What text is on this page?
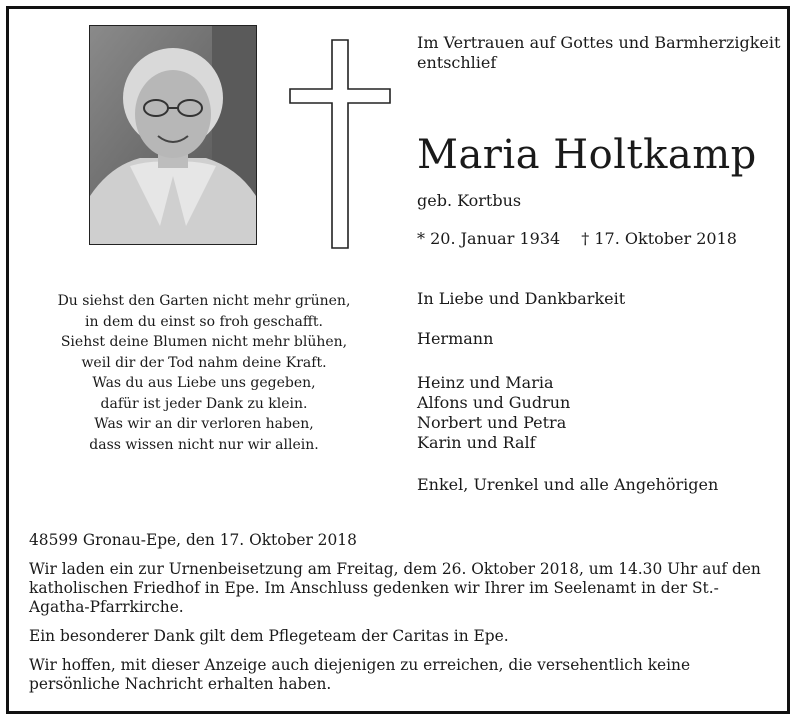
Im Vertrauen auf Gottes und Barmherzigkeit
entschlief
Maria Holtkamp
geb. Kortbus
* 20. Januar 1934 † 17. Oktober 2018
Du siehst den Garten nicht mehr grünen,
in dem du einst so froh geschafft.
Siehst deine Blumen nicht mehr blühen,
weil dir der Tod nahm deine Kraft.
Was du aus Liebe uns gegeben,
dafür ist jeder Dank zu klein.
Was wir an dir verloren haben,
dass wissen nicht nur wir allein.
In Liebe und Dankbarkeit
Hermann
Heinz und Maria
Alfons und Gudrun
Norbert und Petra
Karin und Ralf
Enkel, Urenkel und alle Angehörigen

48599 Gronau-Epe, den 17. Oktober 2018

Wir laden ein zur Urnenbeisetzung am Freitag, dem 26. Oktober 2018, um 14.30 Uhr auf den katholischen Friedhof in Epe. Im Anschluss gedenken wir Ihrer im Seelenamt in der St.-Agatha-Pfarrkirche.

Ein besonderer Dank gilt dem Pflegeteam der Caritas in Epe.

Wir hoffen, mit dieser Anzeige auch diejenigen zu erreichen, die versehentlich keine persönliche Nachricht erhalten haben.
